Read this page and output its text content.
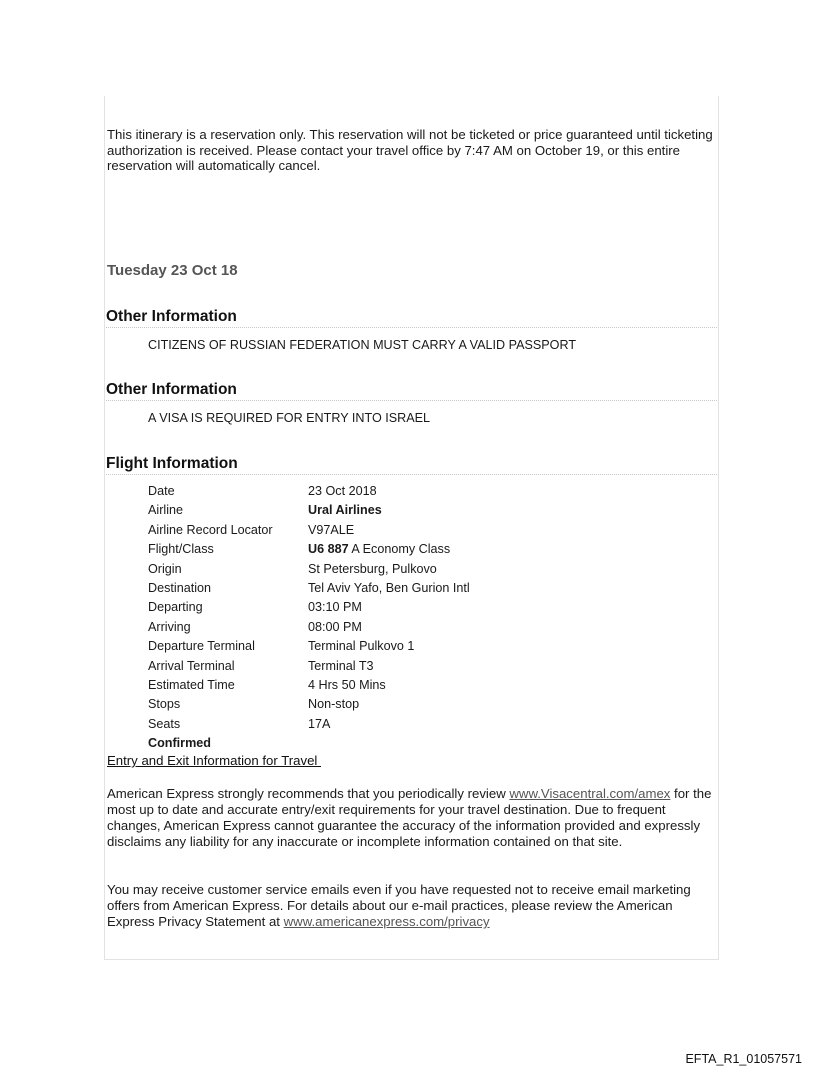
This itinerary is a reservation only. This reservation will not be ticketed or price guaranteed until ticketing authorization is received. Please contact your travel office by 7:47 AM on October 19, or this entire reservation will automatically cancel.
Tuesday 23 Oct 18
Other Information
CITIZENS OF RUSSIAN FEDERATION MUST CARRY A VALID PASSPORT
Other Information
A VISA IS REQUIRED FOR ENTRY INTO ISRAEL
Flight Information
Date	23 Oct 2018
Airline	Ural Airlines
Airline Record Locator	V97ALE
Flight/Class	U6 887 A Economy Class
Origin	St Petersburg, Pulkovo
Destination	Tel Aviv Yafo, Ben Gurion Intl
Departing	03:10 PM
Arriving	08:00 PM
Departure Terminal	Terminal Pulkovo 1
Arrival Terminal	Terminal T3
Estimated Time	4 Hrs 50 Mins
Stops	Non-stop
Seats	17A
Confirmed
Entry and Exit Information for Travel
American Express strongly recommends that you periodically review www.Visacentral.com/amex for the most up to date and accurate entry/exit requirements for your travel destination. Due to frequent changes, American Express cannot guarantee the accuracy of the information provided and expressly disclaims any liability for any inaccurate or incomplete information contained on that site.
You may receive customer service emails even if you have requested not to receive email marketing offers from American Express. For details about our e-mail practices, please review the American Express Privacy Statement at www.americanexpress.com/privacy
EFTA_R1_01057571
